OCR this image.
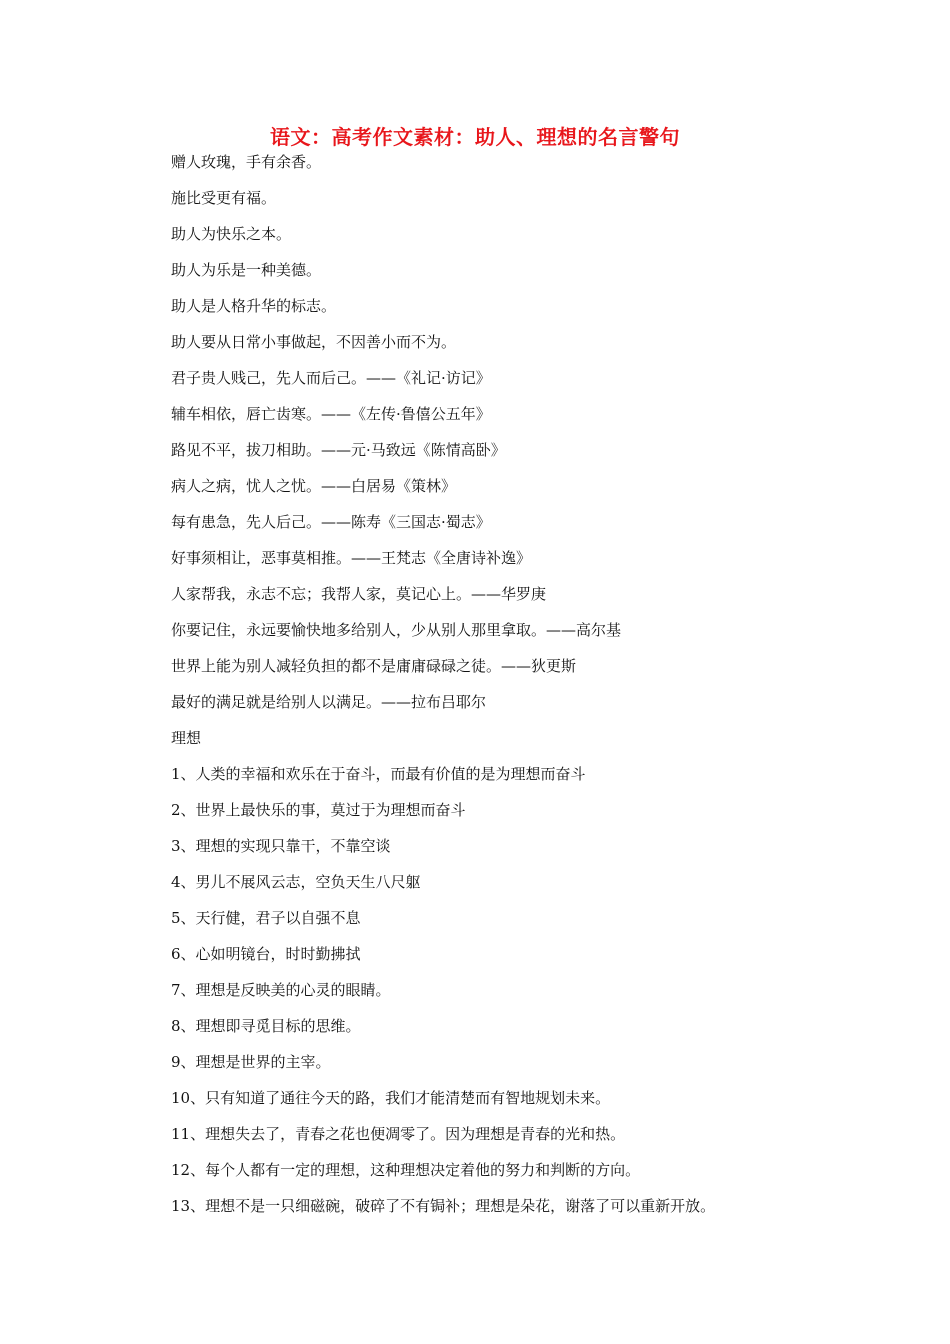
语文：高考作文素材：助人、理想的名言警句
赠人玫瑰，手有余香。
施比受更有福。
助人为快乐之本。
助人为乐是一种美德。
助人是人格升华的标志。
助人要从日常小事做起，不因善小而不为。
君子贵人贱己，先人而后己。——《礼记·访记》
辅车相依，唇亡齿寒。——《左传·鲁僖公五年》
路见不平，拔刀相助。——元·马致远《陈情高卧》
病人之病，忧人之忧。——白居易《策林》
每有患急，先人后己。——陈寿《三国志·蜀志》
好事须相让，恶事莫相推。——王梵志《全唐诗补逸》
人家帮我，永志不忘；我帮人家，莫记心上。——华罗庚
你要记住，永远要愉快地多给别人，少从别人那里拿取。——高尔基
世界上能为别人减轻负担的都不是庸庸碌碌之徒。——狄更斯
最好的满足就是给别人以满足。——拉布吕耶尔
理想
1、人类的幸福和欢乐在于奋斗，而最有价值的是为理想而奋斗
2、世界上最快乐的事，莫过于为理想而奋斗
3、理想的实现只靠干，不靠空谈
4、男儿不展风云志，空负天生八尺躯
5、天行健，君子以自强不息
6、心如明镜台，时时勤拂拭
7、理想是反映美的心灵的眼睛。
8、理想即寻觅目标的思维。
9、理想是世界的主宰。
10、只有知道了通往今天的路，我们才能清楚而有智地规划未来。
11、理想失去了，青春之花也便凋零了。因为理想是青春的光和热。
12、每个人都有一定的理想，这种理想决定着他的努力和判断的方向。
13、理想不是一只细磁碗，破碎了不有锔补；理想是朵花，谢落了可以重新开放。
